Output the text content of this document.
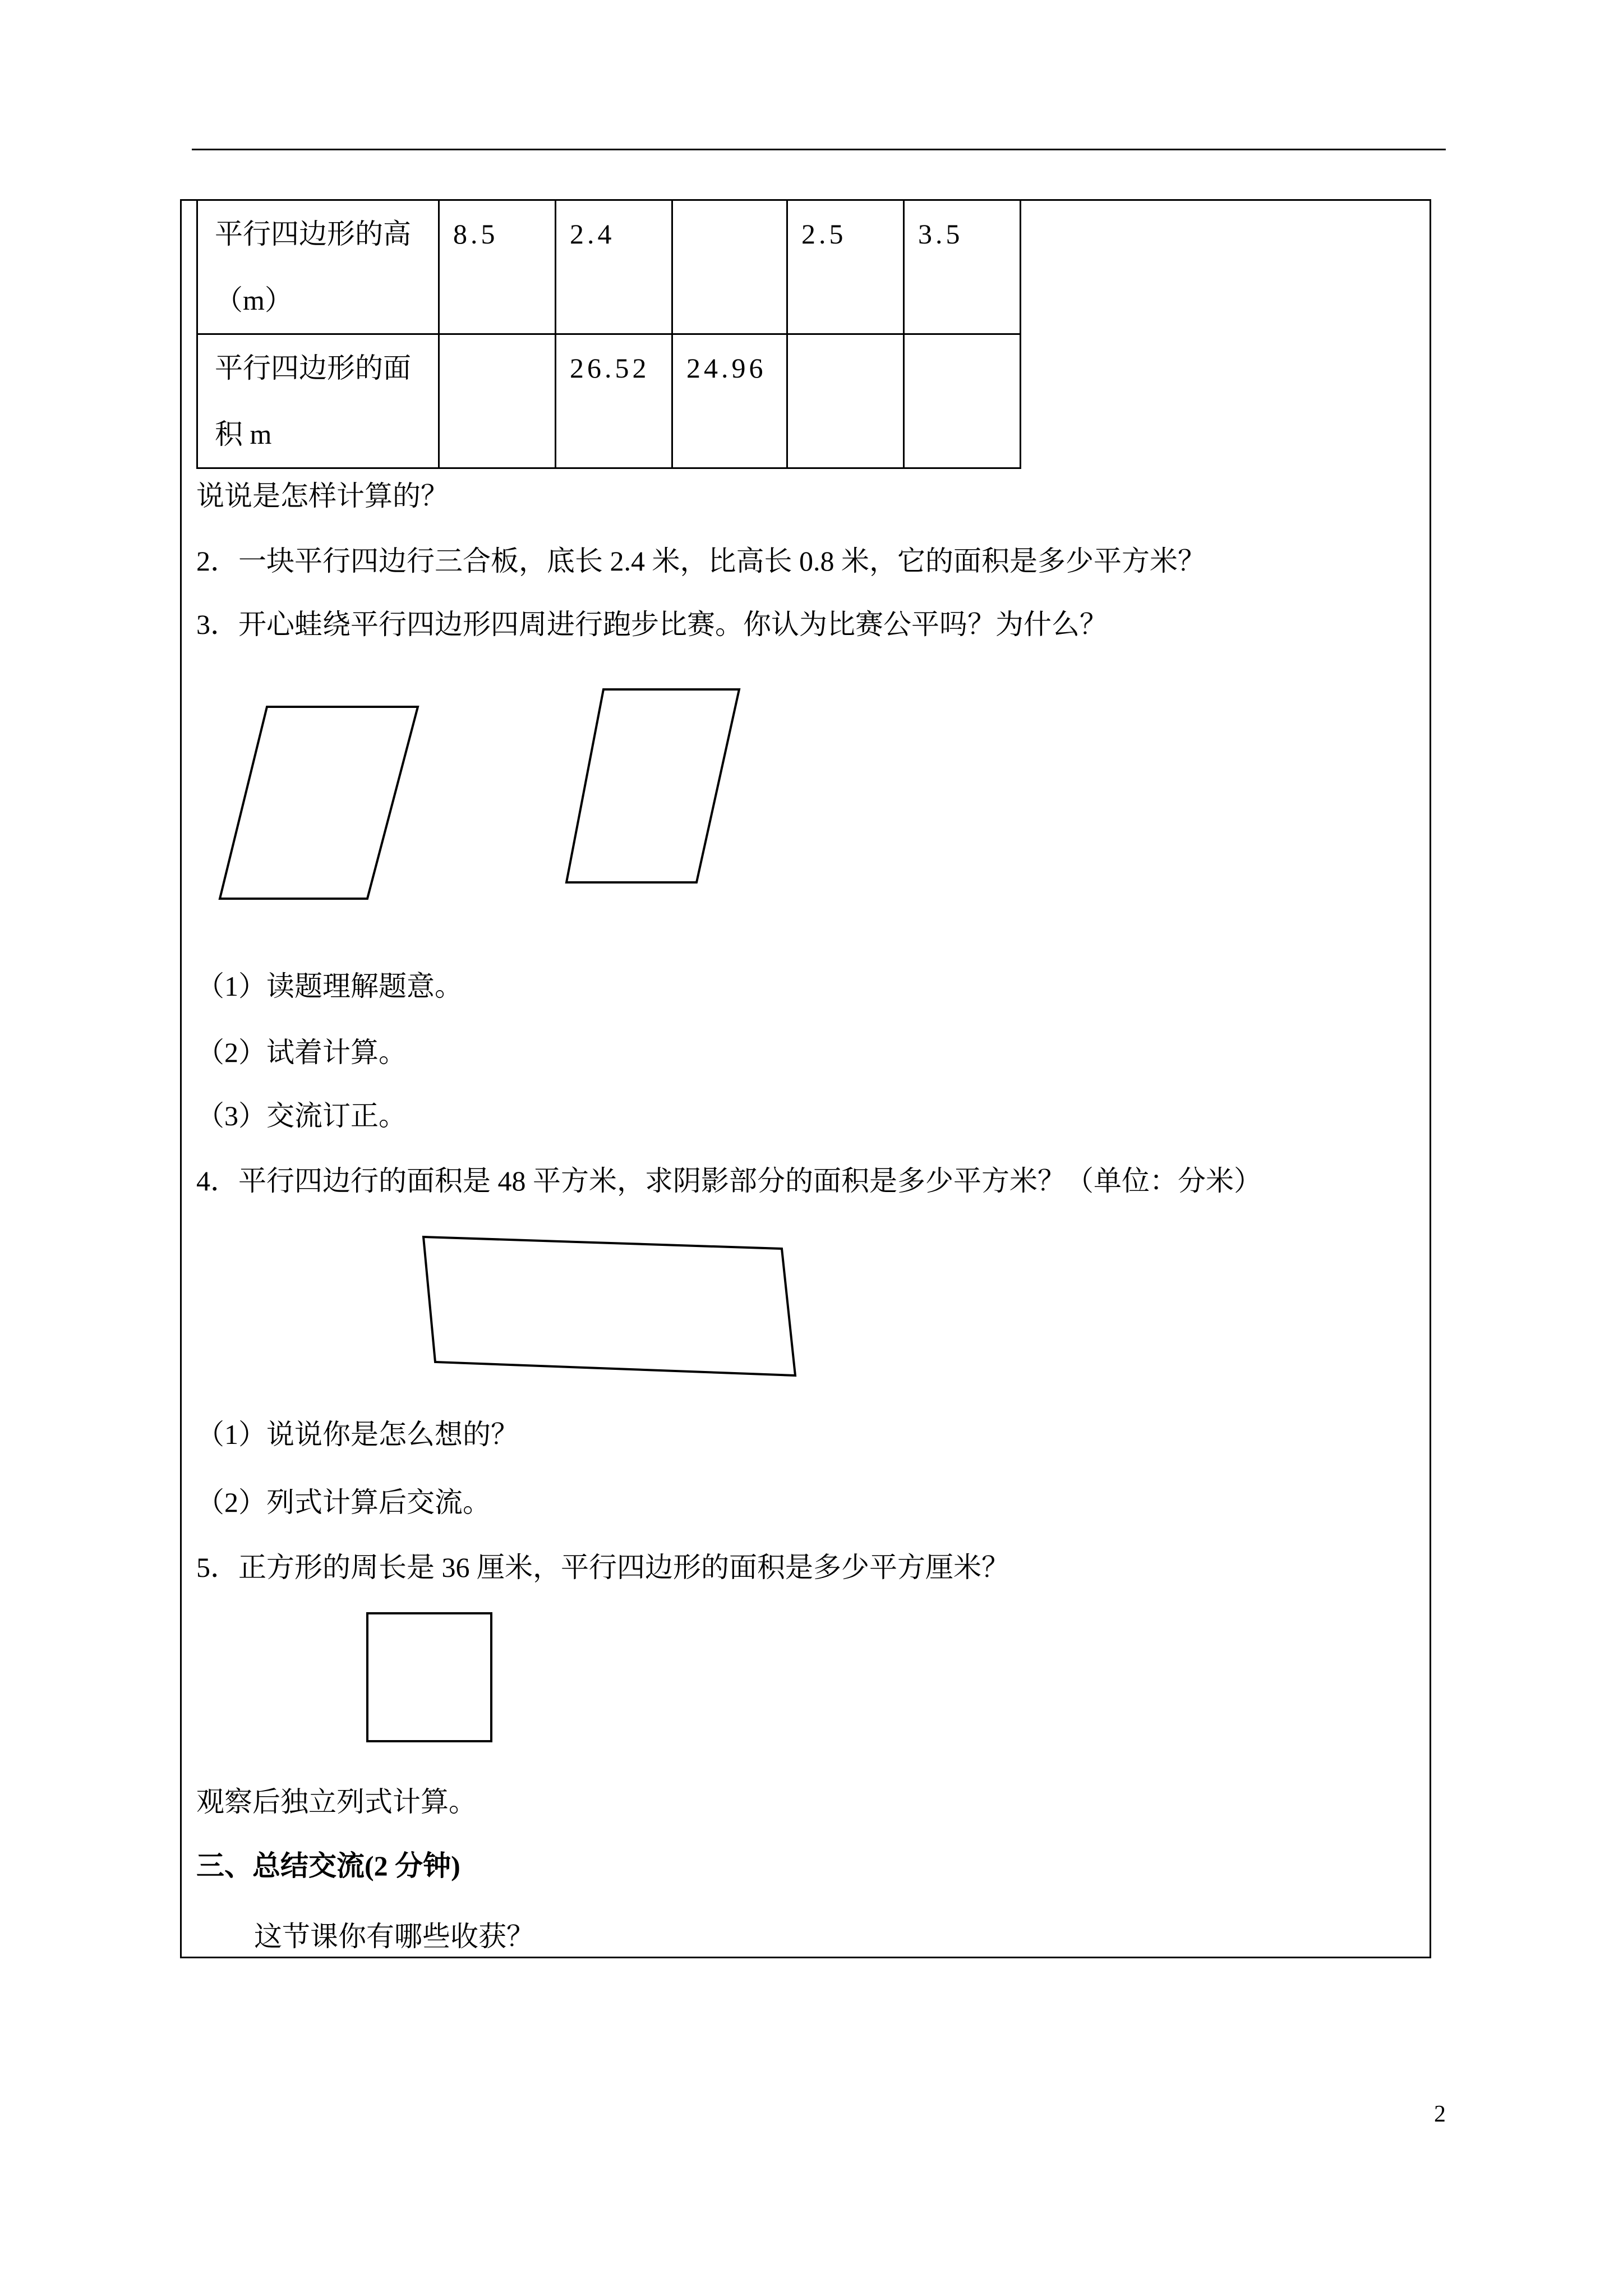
平行四边形的高
（m）	8.5	2.4		2.5	3.5

平行四边形的面
积 m		26.52	24.96		
说说是怎样计算的？
2．一块平行四边行三合板，底长 2.4 米，比高长 0.8 米，它的面积是多少平方米？
3．开心蛙绕平行四边形四周进行跑步比赛。你认为比赛公平吗？为什么？
（1）读题理解题意。
（2）试着计算。
（3）交流订正。
4．平行四边行的面积是 48 平方米，求阴影部分的面积是多少平方米？（单位：分米）
（1）说说你是怎么想的？
（2）列式计算后交流。
5．正方形的周长是 36 厘米，平行四边形的面积是多少平方厘米？
观察后独立列式计算。
三、总结交流(2 分钟)
这节课你有哪些收获？
2
